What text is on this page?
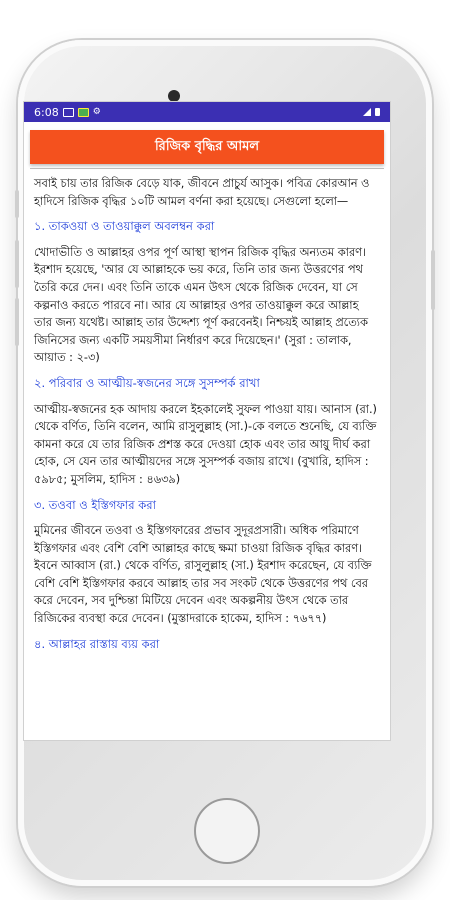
6:08	⚙
রিজিক বৃদ্ধির আমল

সবাই চায় তার রিজিক বেড়ে যাক, জীবনে প্রাচুর্য আসুক। পবিত্র কোরআন ও হাদিসে রিজিক বৃদ্ধির ১০টি আমল বর্ণনা করা হয়েছে। সেগুলো হলো—

১. তাকওয়া ও তাওয়াক্কুল অবলম্বন করা

খোদাভীতি ও আল্লাহর ওপর পূর্ণ আস্থা স্থাপন রিজিক বৃদ্ধির অন্যতম কারণ। ইরশাদ হয়েছে, 'আর যে আল্লাহকে ভয় করে, তিনি তার জন্য উত্তরণের পথ তৈরি করে দেন। এবং তিনি তাকে এমন উৎস থেকে রিজিক দেবেন, যা সে কল্পনাও করতে পারবে না। আর যে আল্লাহর ওপর তাওয়াক্কুল করে আল্লাহ তার জন্য যথেষ্ট। আল্লাহ তার উদ্দেশ্য পূর্ণ করবেনই। নিশ্চয়ই আল্লাহ প্রত্যেক জিনিসের জন্য একটি সময়সীমা নির্ধারণ করে দিয়েছেন।' (সুরা : তালাক, আয়াত : ২-৩)

২. পরিবার ও আত্মীয়-স্বজনের সঙ্গে সুসম্পর্ক রাখা

আত্মীয়-স্বজনের হক আদায় করলে ইহকালেই সুফল পাওয়া যায়। আনাস (রা.) থেকে বর্ণিত, তিনি বলেন, আমি রাসুলুল্লাহ (সা.)-কে বলতে শুনেছি, যে ব্যক্তি কামনা করে যে তার রিজিক প্রশস্ত করে দেওয়া হোক এবং তার আয়ু দীর্ঘ করা হোক, সে যেন তার আত্মীয়দের সঙ্গে সুসম্পর্ক বজায় রাখে। (বুখারি, হাদিস : ৫৯৮৫; মুসলিম, হাদিস : ৪৬৩৯)

৩. তওবা ও ইস্তিগফার করা

মুমিনের জীবনে তওবা ও ইস্তিগফারের প্রভাব সুদূরপ্রসারী। অধিক পরিমাণে ইস্তিগফার এবং বেশি বেশি আল্লাহর কাছে ক্ষমা চাওয়া রিজিক বৃদ্ধির কারণ। ইবনে আব্বাস (রা.) থেকে বর্ণিত, রাসুলুল্লাহ (সা.) ইরশাদ করেছেন, যে ব্যক্তি বেশি বেশি ইস্তিগফার করবে আল্লাহ তার সব সংকট থেকে উত্তরণের পথ বের করে দেবেন, সব দুশ্চিন্তা মিটিয়ে দেবেন এবং অকল্পনীয় উৎস থেকে তার রিজিকের ব্যবস্থা করে দেবেন। (মুস্তাদরাকে হাকেম, হাদিস : ৭৬৭৭)

৪. আল্লাহর রাস্তায় ব্যয় করা
